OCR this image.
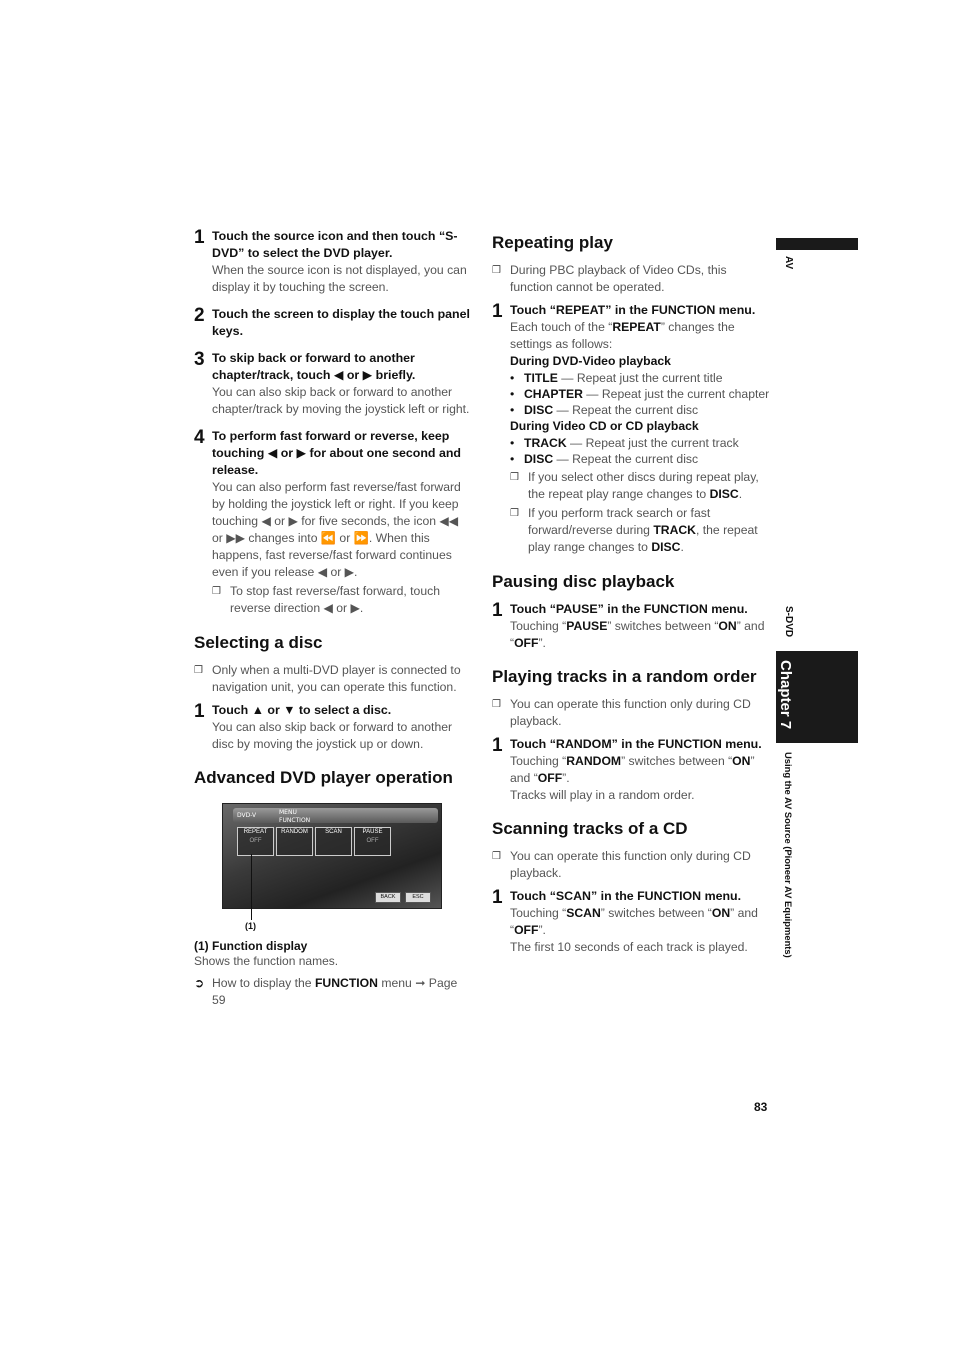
1 Touch the source icon and then touch “S-DVD” to select the DVD player.
When the source icon is not displayed, you can display it by touching the screen.
2 Touch the screen to display the touch panel keys.
3 To skip back or forward to another chapter/track, touch ◀ or ▶ briefly.
You can also skip back or forward to another chapter/track by moving the joystick left or right.
4 To perform fast forward or reverse, keep touching ◀ or ▶ for about one second and release.
You can also perform fast reverse/fast forward by holding the joystick left or right. If you keep touching ◀ or ▶ for five seconds, the icon ◀◀ or ▶▶ changes into ⏪ or ⏩. When this happens, fast reverse/fast forward continues even if you release ◀ or ▶.
❒ To stop fast reverse/fast forward, touch reverse direction ◀ or ▶.
Selecting a disc
❒ Only when a multi-DVD player is connected to navigation unit, you can operate this function.
1 Touch ▲ or ▼ to select a disc.
You can also skip back or forward to another disc by moving the joystick up or down.
Advanced DVD player operation
DVD-V	MENU
FUNCTION
REPEAT
OFF
RANDOM	SCAN	PAUSE
OFF
BACK	ESC
(1)
(1) Function display
Shows the function names.
➲ How to display the FUNCTION menu ➞ Page 59
Repeating play
❒ During PBC playback of Video CDs, this function cannot be operated.
1 Touch “REPEAT” in the FUNCTION menu.
Each touch of the “REPEAT” changes the settings as follows:
During DVD-Video playback
• TITLE — Repeat just the current title
• CHAPTER — Repeat just the current chapter
• DISC — Repeat the current disc
During Video CD or CD playback
• TRACK — Repeat just the current track
• DISC — Repeat the current disc
❒ If you select other discs during repeat play, the repeat play range changes to DISC.
❒ If you perform track search or fast forward/reverse during TRACK, the repeat play range changes to DISC.
Pausing disc playback
1 Touch “PAUSE” in the FUNCTION menu.
Touching “PAUSE” switches between “ON” and “OFF”.
Playing tracks in a random order
❒ You can operate this function only during CD playback.
1 Touch “RANDOM” in the FUNCTION menu.
Touching “RANDOM” switches between “ON” and “OFF”.
Tracks will play in a random order.
Scanning tracks of a CD
❒ You can operate this function only during CD playback.
1 Touch “SCAN” in the FUNCTION menu.
Touching “SCAN” switches between “ON” and “OFF”.
The first 10 seconds of each track is played.
AV
S-DVD
Chapter 7
Using the AV Source (Pioneer AV Equipments)
83
